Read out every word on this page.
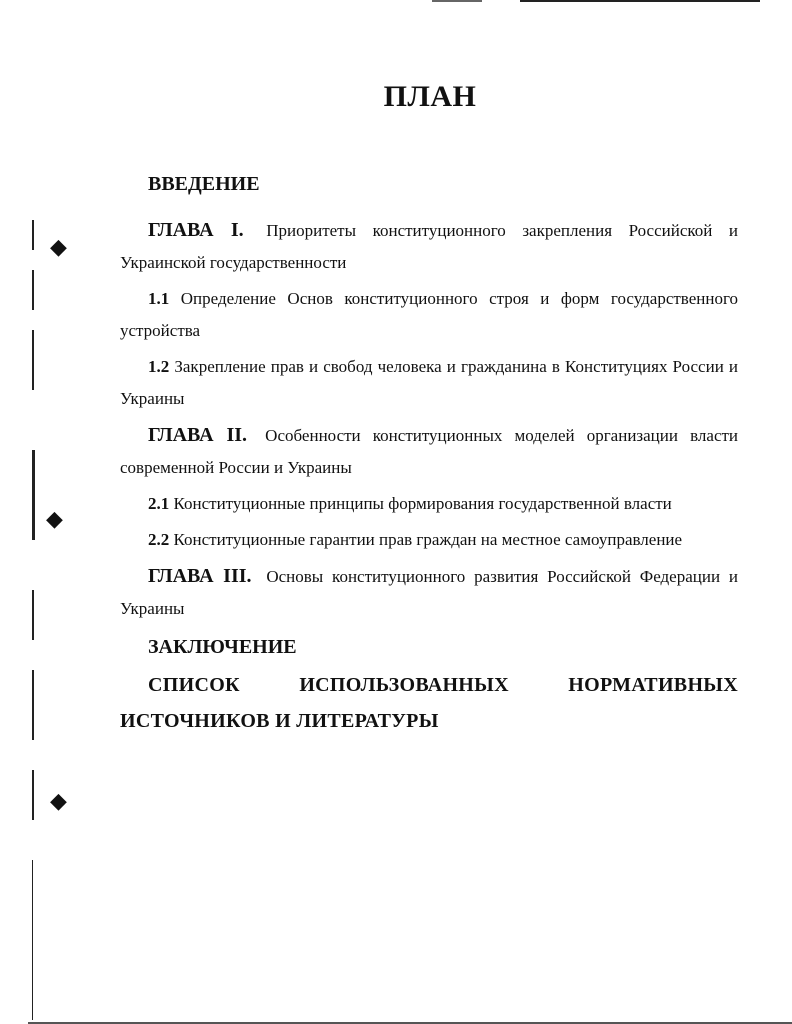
◆
◆
◆
ПЛАН

ВВЕДЕНИЕ

ГЛАВА I. Приоритеты конституционного закрепления Российской и Украинской государственности

1.1 Определение Основ конституционного строя и форм государственного устройства

1.2 Закрепление прав и свобод человека и гражданина в Конституциях России и Украины

ГЛАВА II. Особенности конституционных моделей организации власти современной России и Украины

2.1 Конституционные принципы формирования государственной власти

2.2 Конституционные гарантии прав граждан на местное самоуправление

ГЛАВА III. Основы конституционного развития Российской Федерации и Украины

ЗАКЛЮЧЕНИЕ

СПИСОК ИСПОЛЬЗОВАННЫХ НОРМАТИВНЫХ ИСТОЧНИКОВ И ЛИТЕРАТУРЫ
